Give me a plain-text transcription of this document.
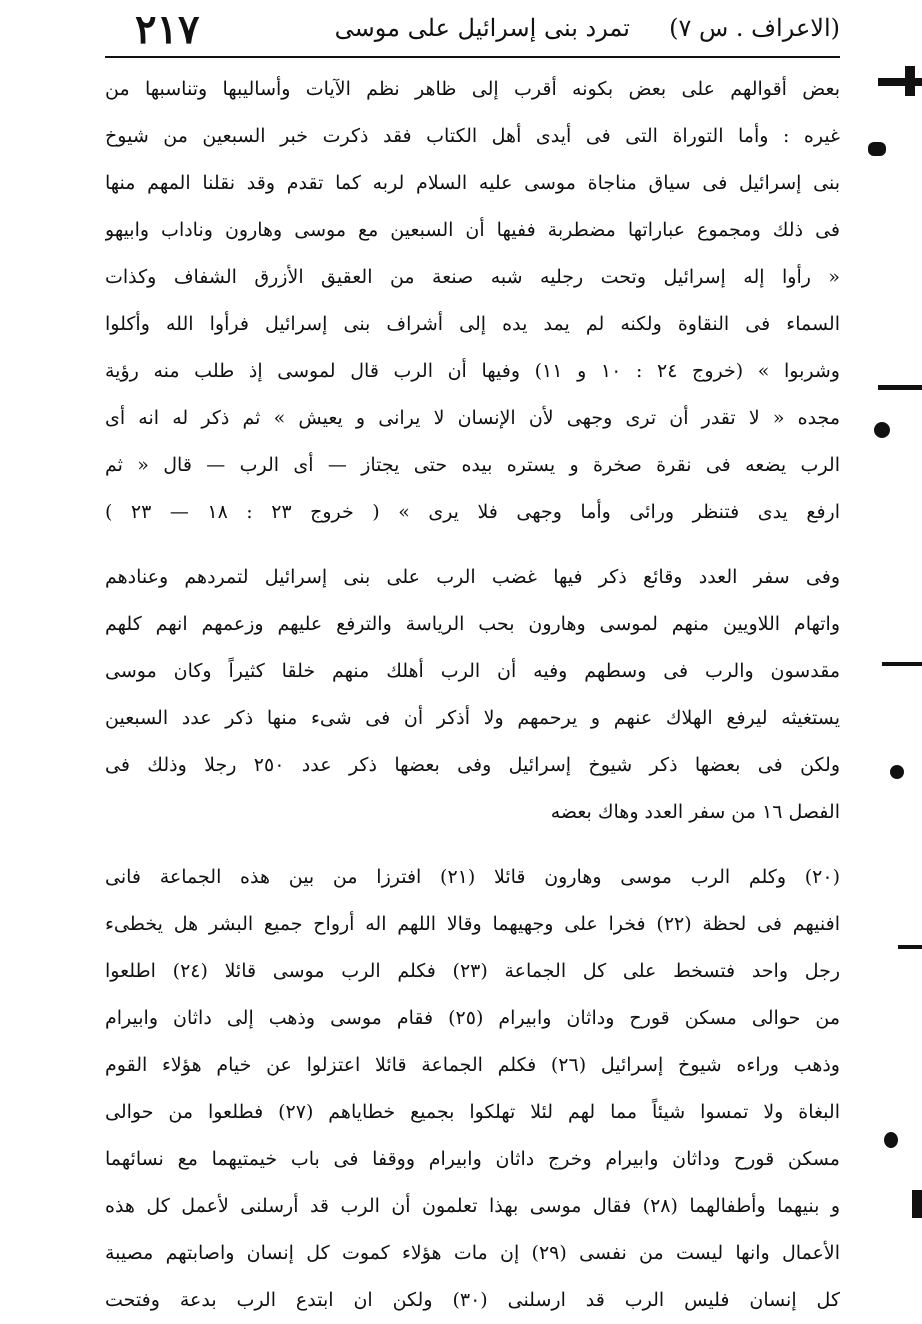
(الاعراف . س ٧)
تمرد بنى إسرائيل على موسى
٢١٧
بعض أقوالهم على بعض بكونه أقرب إلى ظاهر نظم الآيات وأساليبها وتناسبها من
غيره : وأما التوراة التى فى أيدى أهل الكتاب فقد ذكرت خبر السبعين من شيوخ
بنى إسرائيل فى سياق مناجاة موسى عليه السلام لربه كما تقدم وقد نقلنا المهم منها
فى ذلك ومجموع عباراتها مضطربة ففيها أن السبعين مع موسى وهارون وناداب وابيهو
« رأوا إله إسرائيل وتحت رجليه شبه صنعة من العقيق الأزرق الشفاف وكذات
السماء فى النقاوة ولكنه لم يمد يده إلى أشراف بنى إسرائيل فرأوا الله وأكلوا
وشربوا » (خروج ٢٤ : ١٠ و ١١) وفيها أن الرب قال لموسى إذ طلب منه رؤية
مجده « لا تقدر أن ترى وجهى لأن الإنسان لا يرانى و يعيش » ثم ذكر له انه أى
الرب يضعه فى نقرة صخرة و يستره بيده حتى يجتاز — أى الرب — قال « ثم
ارفع يدى فتنظر ورائى وأما وجهى فلا يرى » ( خروج ٢٣ : ١٨ — ٢٣ )
وفى سفر العدد وقائع ذكر فيها غضب الرب على بنى إسرائيل لتمردهم وعنادهم
واتهام اللاويين منهم لموسى وهارون بحب الرياسة والترفع عليهم وزعمهم انهم كلهم
مقدسون والرب فى وسطهم وفيه أن الرب أهلك منهم خلقا كثيراً وكان موسى
يستغيثه ليرفع الهلاك عنهم و يرحمهم ولا أذكر أن فى شىء منها ذكر عدد السبعين
ولكن فى بعضها ذكر شيوخ إسرائيل وفى بعضها ذكر عدد ٢٥٠ رجلا وذلك فى
الفصل ١٦ من سفر العدد وهاك بعضه
(٢٠) وكلم الرب موسى وهارون قائلا (٢١) افترزا من بين هذه الجماعة فانى
افنيهم فى لحظة (٢٢) فخرا على وجهيهما وقالا اللهم اله أرواح جميع البشر هل يخطىء
رجل واحد فتسخط على كل الجماعة (٢٣) فكلم الرب موسى قائلا (٢٤) اطلعوا
من حوالى مسكن قورح وداثان وابيرام (٢٥) فقام موسى وذهب إلى داثان وابيرام
وذهب وراءه شيوخ إسرائيل (٢٦) فكلم الجماعة قائلا اعتزلوا عن خيام هؤلاء القوم
البغاة ولا تمسوا شيئاً مما لهم لئلا تهلكوا بجميع خطاياهم (٢٧) فطلعوا من حوالى
مسكن قورح وداثان وابيرام وخرج داثان وابيرام ووقفا فى باب خيمتيهما مع نسائهما
و بنيهما وأطفالهما (٢٨) فقال موسى بهذا تعلمون أن الرب قد أرسلنى لأعمل كل هذه
الأعمال وانها ليست من نفسى (٢٩) إن مات هؤلاء كموت كل إنسان واصابتهم مصيبة
كل إنسان فليس الرب قد ارسلنى (٣٠) ولكن ان ابتدع الرب بدعة وفتحت
